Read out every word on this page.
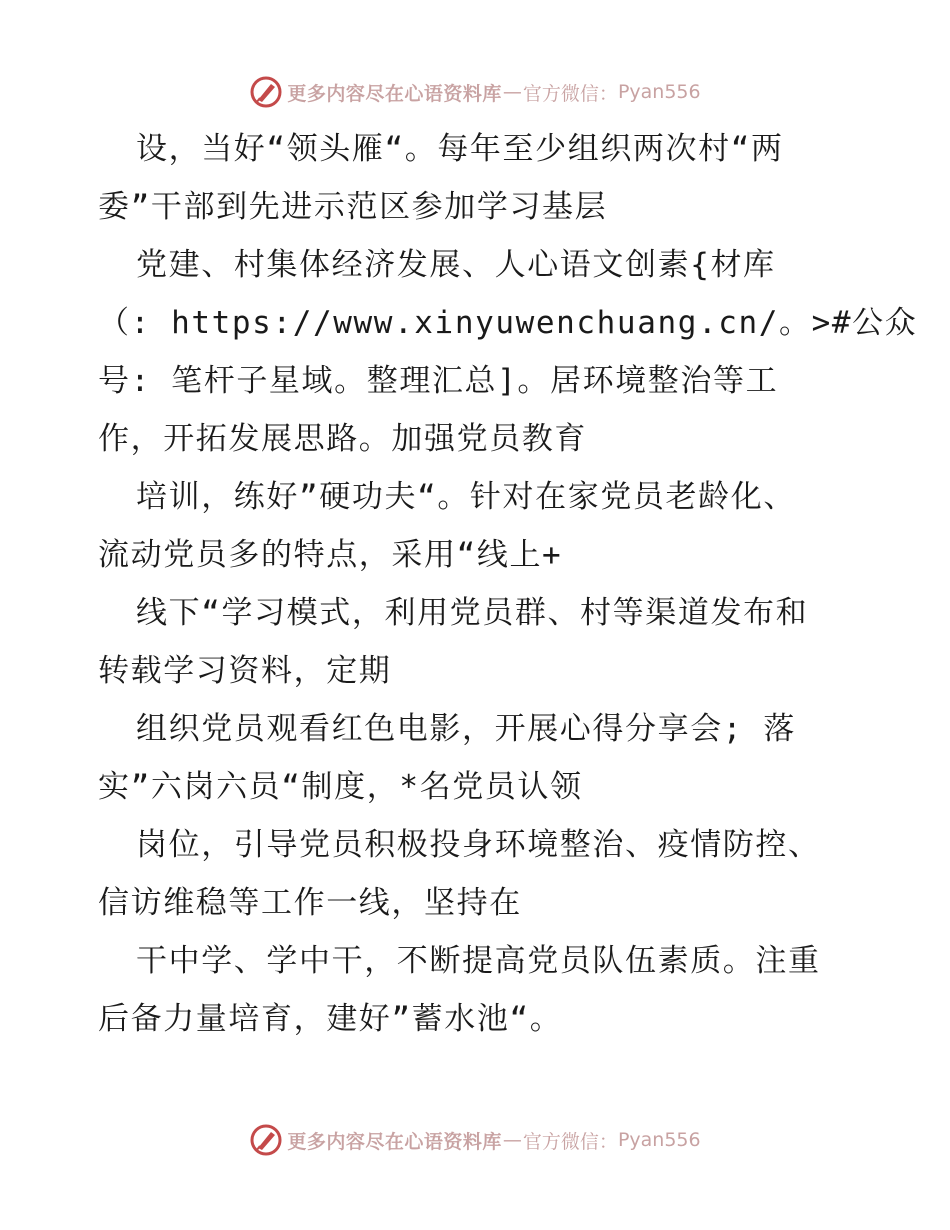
更多内容尽在心语资料库 — 官方微信： Pyan556
设，当好“领头雁“。每年至少组织两次村“两
委”干部到先进示范区参加学习基层
党建、村集体经济发展、人心语文创素{材库
（: https://www.xinyuwenchuang.cn/。>#公众
号: 笔杆子星域。整理汇总]。居环境整治等工
作，开拓发展思路。加强党员教育
培训，练好”硬功夫“。针对在家党员老龄化、
流动党员多的特点，采用“线上+
线下“学习模式，利用党员群、村等渠道发布和
转载学习资料，定期
组织党员观看红色电影，开展心得分享会; 落
实”六岗六员“制度，*名党员认领
岗位，引导党员积极投身环境整治、疫情防控、
信访维稳等工作一线，坚持在
干中学、学中干，不断提高党员队伍素质。注重
后备力量培育，建好”蓄水池“。
更多内容尽在心语资料库 — 官方微信： Pyan556
